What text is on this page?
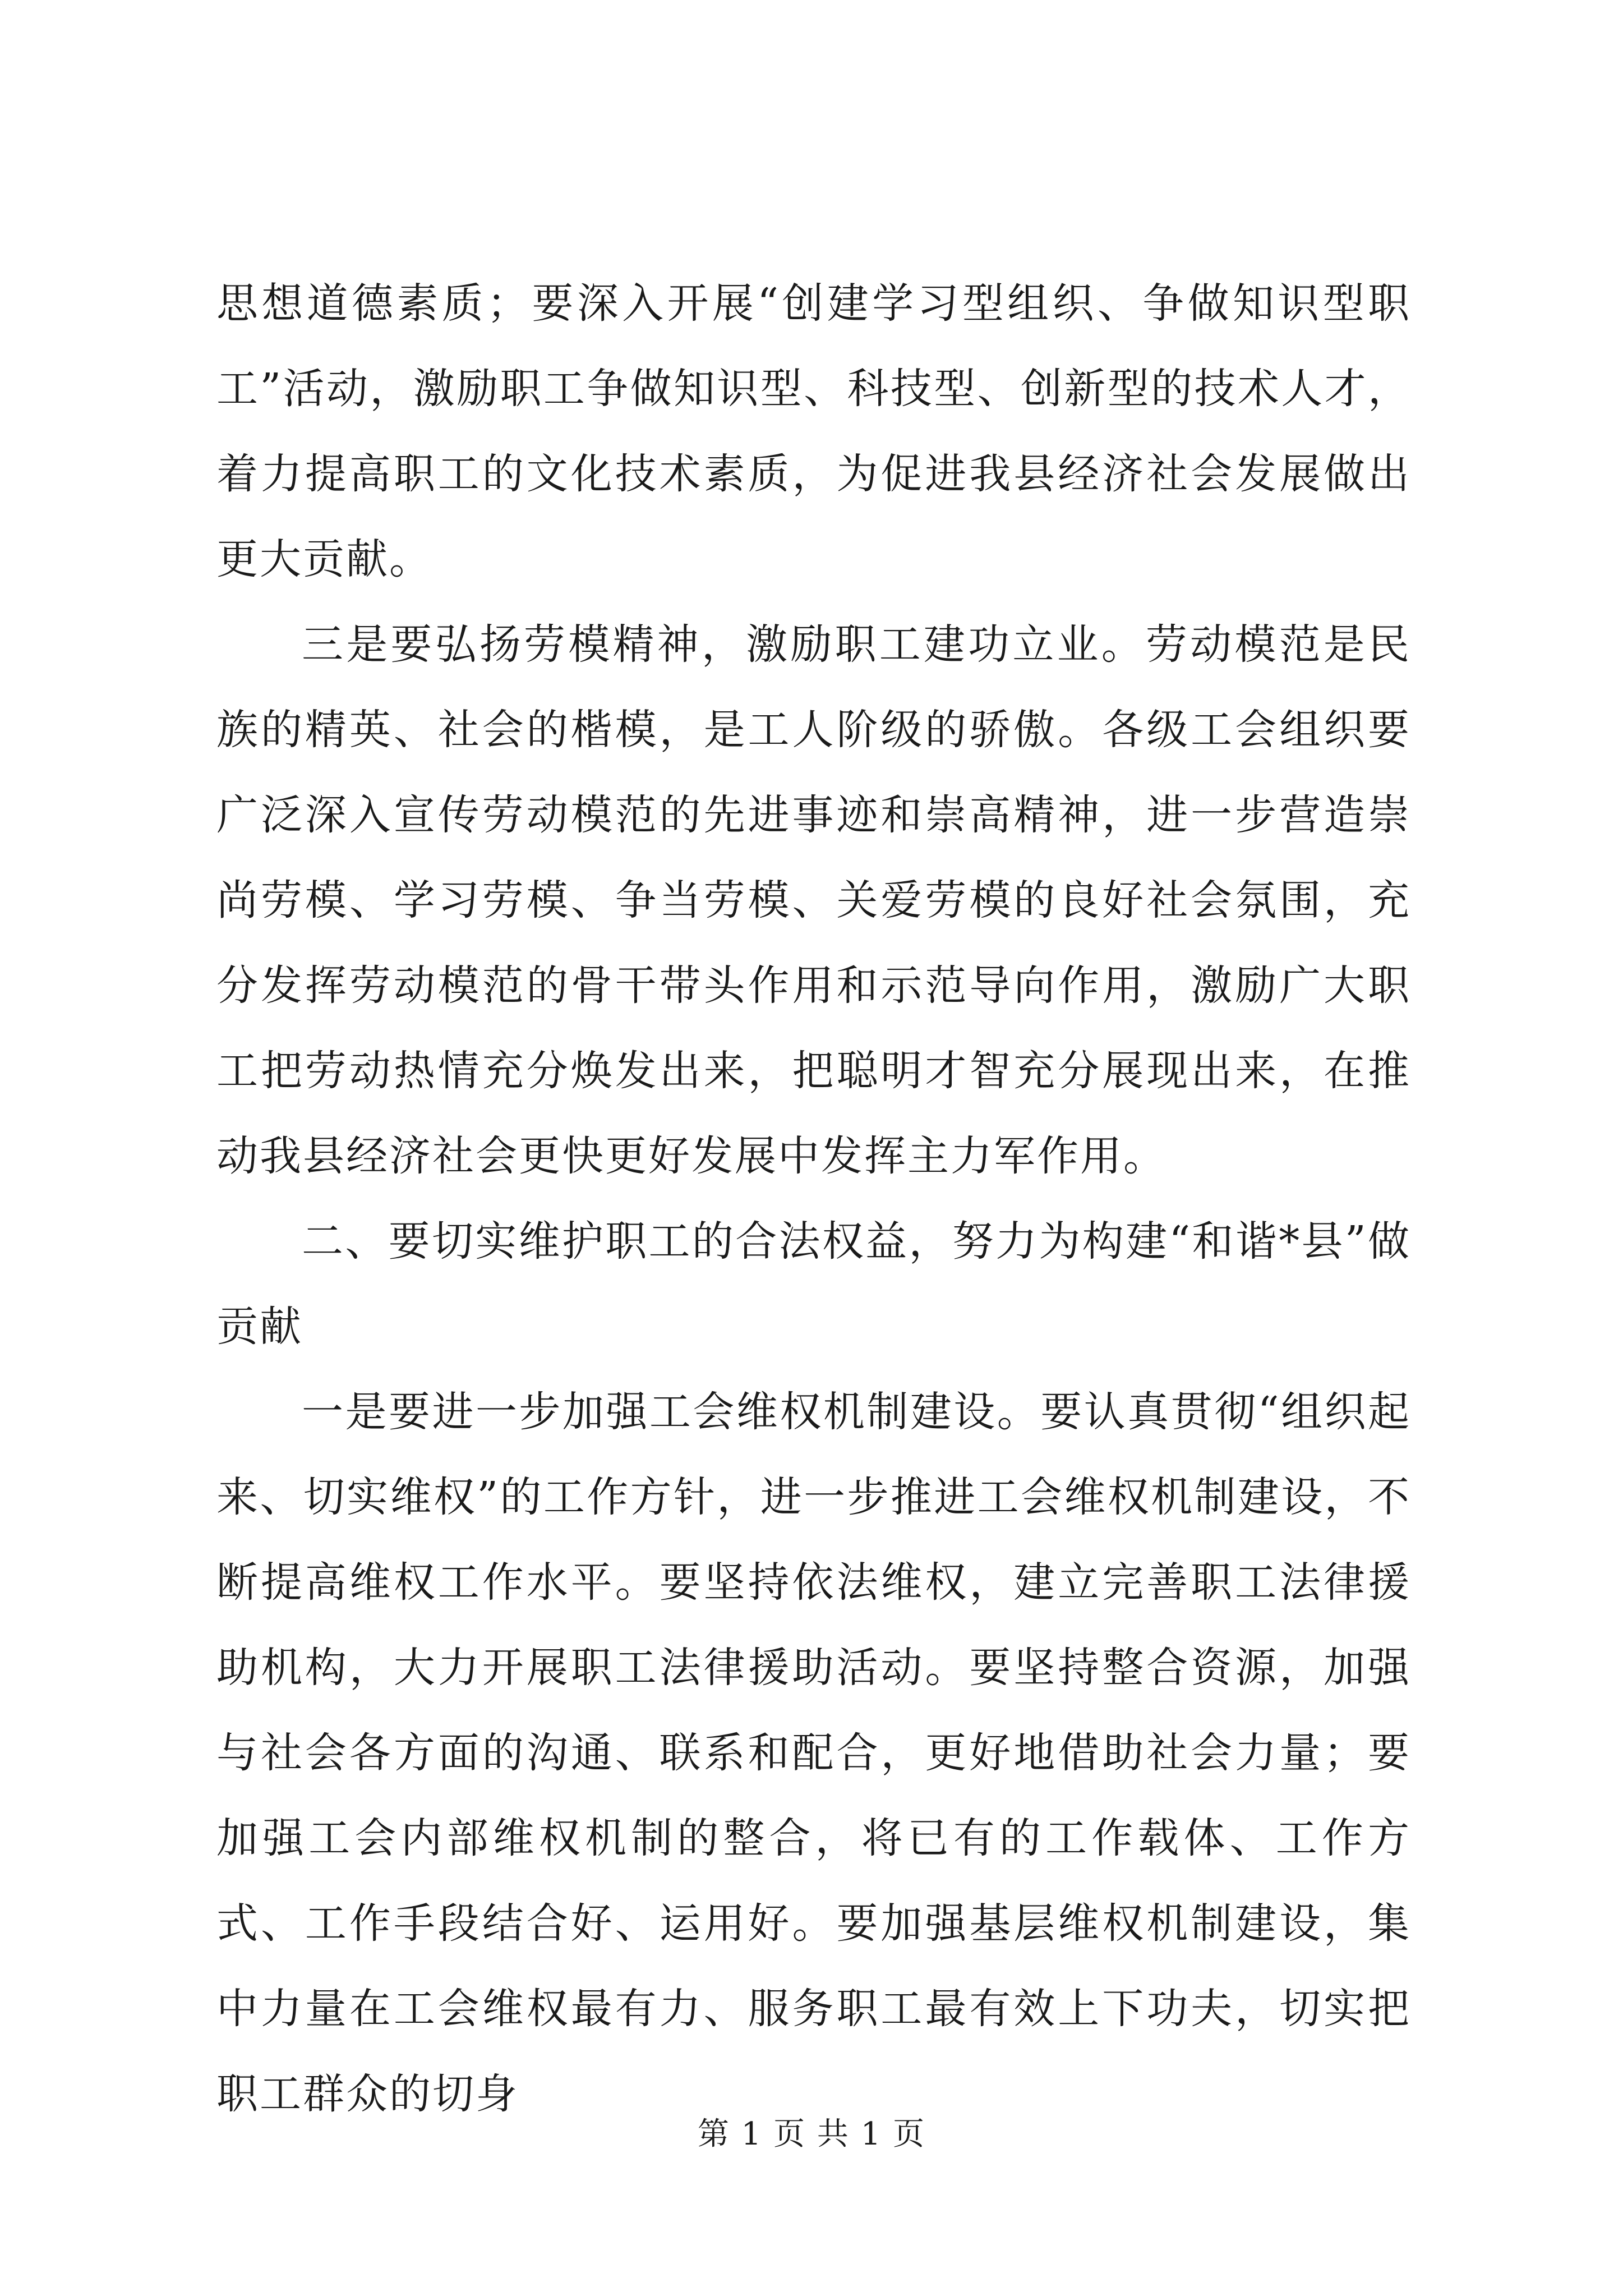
思想道德素质；要深入开展“创建学习型组织、争做知识型职工”活动，激励职工争做知识型、科技型、创新型的技术人才，着力提高职工的文化技术素质，为促进我县经济社会发展做出更大贡献。

三是要弘扬劳模精神，激励职工建功立业。劳动模范是民族的精英、社会的楷模，是工人阶级的骄傲。各级工会组织要广泛深入宣传劳动模范的先进事迹和崇高精神，进一步营造崇尚劳模、学习劳模、争当劳模、关爱劳模的良好社会氛围，充分发挥劳动模范的骨干带头作用和示范导向作用，激励广大职工把劳动热情充分焕发出来，把聪明才智充分展现出来，在推动我县经济社会更快更好发展中发挥主力军作用。

二、要切实维护职工的合法权益，努力为构建“和谐*县”做贡献

一是要进一步加强工会维权机制建设。要认真贯彻“组织起来、切实维权”的工作方针，进一步推进工会维权机制建设，不断提高维权工作水平。要坚持依法维权，建立完善职工法律援助机构，大力开展职工法律援助活动。要坚持整合资源，加强与社会各方面的沟通、联系和配合，更好地借助社会力量；要加强工会内部维权机制的整合，将已有的工作载体、工作方式、工作手段结合好、运用好。要加强基层维权机制建设，集中力量在工会维权最有力、服务职工最有效上下功夫，切实把职工群众的切身

第 1 页 共 1 页
